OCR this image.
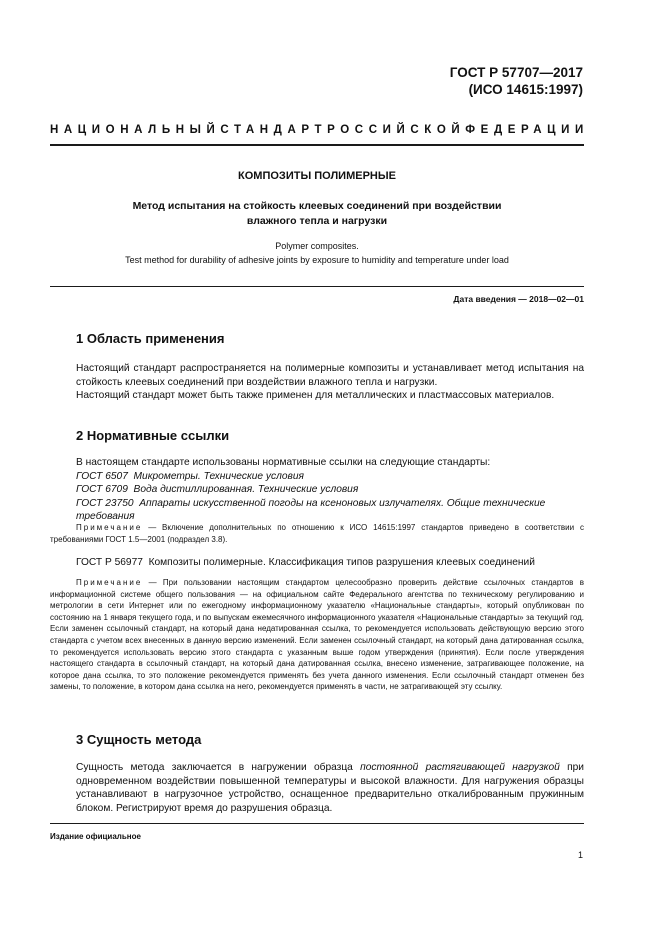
ГОСТ Р 57707—2017
(ИСО 14615:1997)
НАЦИОНАЛЬНЫЙ СТАНДАРТ РОССИЙСКОЙ ФЕДЕРАЦИИ
КОМПОЗИТЫ ПОЛИМЕРНЫЕ
Метод испытания на стойкость клеевых соединений при воздействии
влажного тепла и нагрузки
Polymer composites.
Test method for durability of adhesive joints by exposure to humidity and temperature under load
Дата введения — 2018—02—01
1 Область применения
Настоящий стандарт распространяется на полимерные композиты и устанавливает метод испытания на стойкость клеевых соединений при воздействии влажного тепла и нагрузки.
Настоящий стандарт может быть также применен для металлических и пластмассовых материалов.
2 Нормативные ссылки
В настоящем стандарте использованы нормативные ссылки на следующие стандарты:
ГОСТ 6507 Микрометры. Технические условия
ГОСТ 6709 Вода дистиллированная. Технические условия
ГОСТ 23750 Аппараты искусственной погоды на ксеноновых излучателях. Общие технические требования
Примечание — Включение дополнительных по отношению к ИСО 14615:1997 стандартов приведено в соответствии с требованиями ГОСТ 1.5—2001 (подраздел 3.8).
ГОСТ Р 56977 Композиты полимерные. Классификация типов разрушения клеевых соединений
Примечание — При пользовании настоящим стандартом целесообразно проверить действие ссылочных стандартов в информационной системе общего пользования — на официальном сайте Федерального агентства по техническому регулированию и метрологии в сети Интернет или по ежегодному информационному указателю «Национальные стандарты», который опубликован по состоянию на 1 января текущего года, и по выпускам ежемесячного информационного указателя «Национальные стандарты» за текущий год. Если заменен ссылочный стандарт, на который дана недатированная ссылка, то рекомендуется использовать действующую версию этого стандарта с учетом всех внесенных в данную версию изменений. Если заменен ссылочный стандарт, на который дана датированная ссылка, то рекомендуется использовать версию этого стандарта с указанным выше годом утверждения (принятия). Если после утверждения настоящего стандарта в ссылочный стандарт, на который дана датированная ссылка, внесено изменение, затрагивающее положение, на которое дана ссылка, то это положение рекомендуется применять без учета данного изменения. Если ссылочный стандарт отменен без замены, то положение, в котором дана ссылка на него, рекомендуется применять в части, не затрагивающей эту ссылку.
3 Сущность метода
Сущность метода заключается в нагружении образца постоянной растягивающей нагрузкой при одновременном воздействии повышенной температуры и высокой влажности. Для нагружения образцы устанавливают в нагрузочное устройство, оснащенное предварительно откалиброванным пружинным блоком. Регистрируют время до разрушения образца.
Издание официальное
1
